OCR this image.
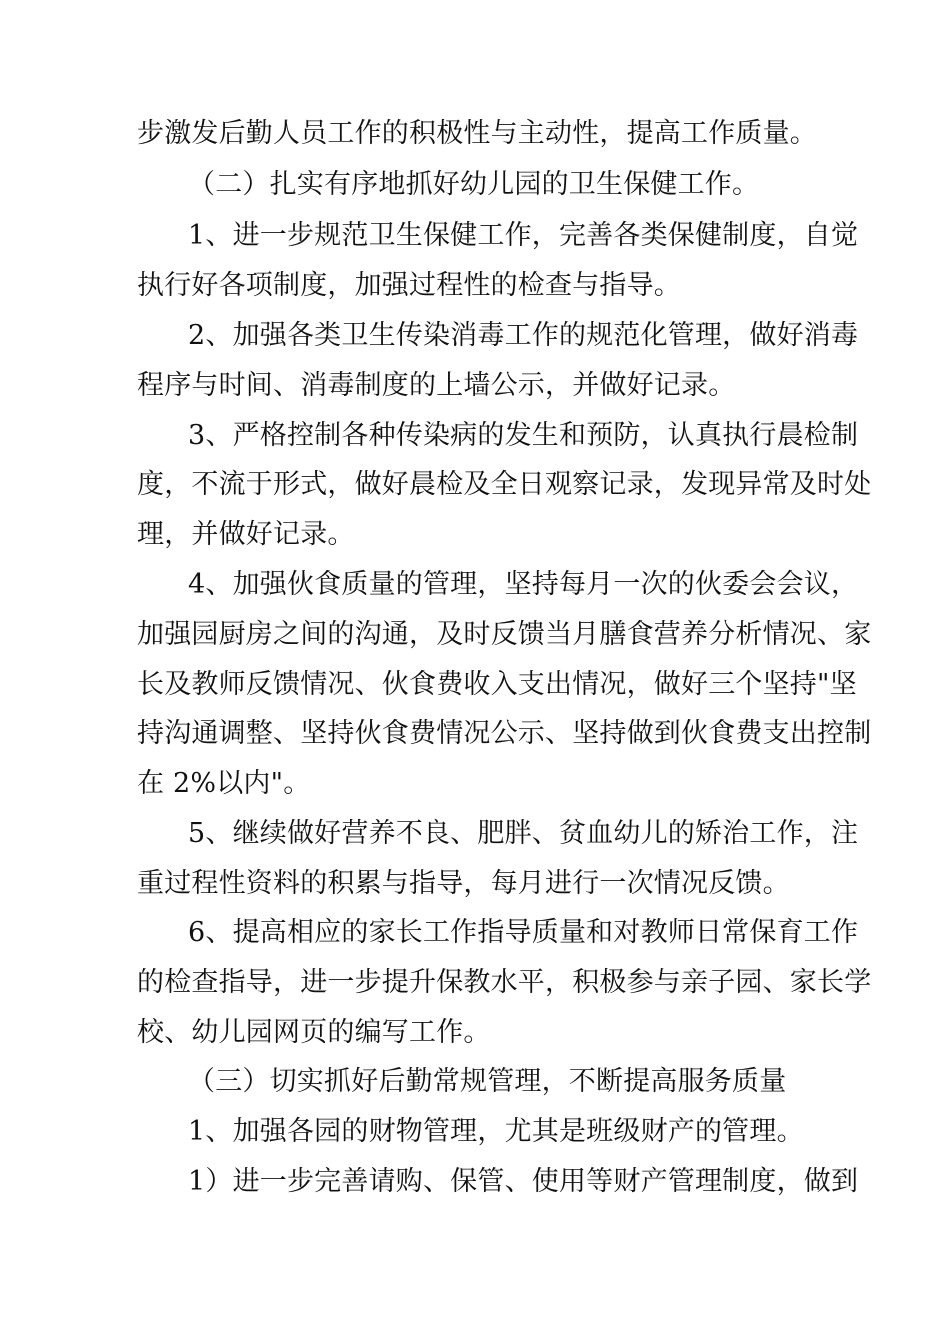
步激发后勤人员工作的积极性与主动性，提高工作质量。
（二）扎实有序地抓好幼儿园的卫生保健工作。
1、进一步规范卫生保健工作，完善各类保健制度，自觉
执行好各项制度，加强过程性的检查与指导。
2、加强各类卫生传染消毒工作的规范化管理，做好消毒
程序与时间、消毒制度的上墙公示，并做好记录。
3、严格控制各种传染病的发生和预防，认真执行晨检制
度，不流于形式，做好晨检及全日观察记录，发现异常及时处
理，并做好记录。
4、加强伙食质量的管理，坚持每月一次的伙委会会议，
加强园厨房之间的沟通，及时反馈当月膳食营养分析情况、家
长及教师反馈情况、伙食费收入支出情况，做好三个坚持"坚
持沟通调整、坚持伙食费情况公示、坚持做到伙食费支出控制
在 2%以内"。
5、继续做好营养不良、肥胖、贫血幼儿的矫治工作，注
重过程性资料的积累与指导，每月进行一次情况反馈。
6、提高相应的家长工作指导质量和对教师日常保育工作
的检查指导，进一步提升保教水平，积极参与亲子园、家长学
校、幼儿园网页的编写工作。
（三）切实抓好后勤常规管理，不断提高服务质量
1、加强各园的财物管理，尤其是班级财产的管理。
1）进一步完善请购、保管、使用等财产管理制度，做到
